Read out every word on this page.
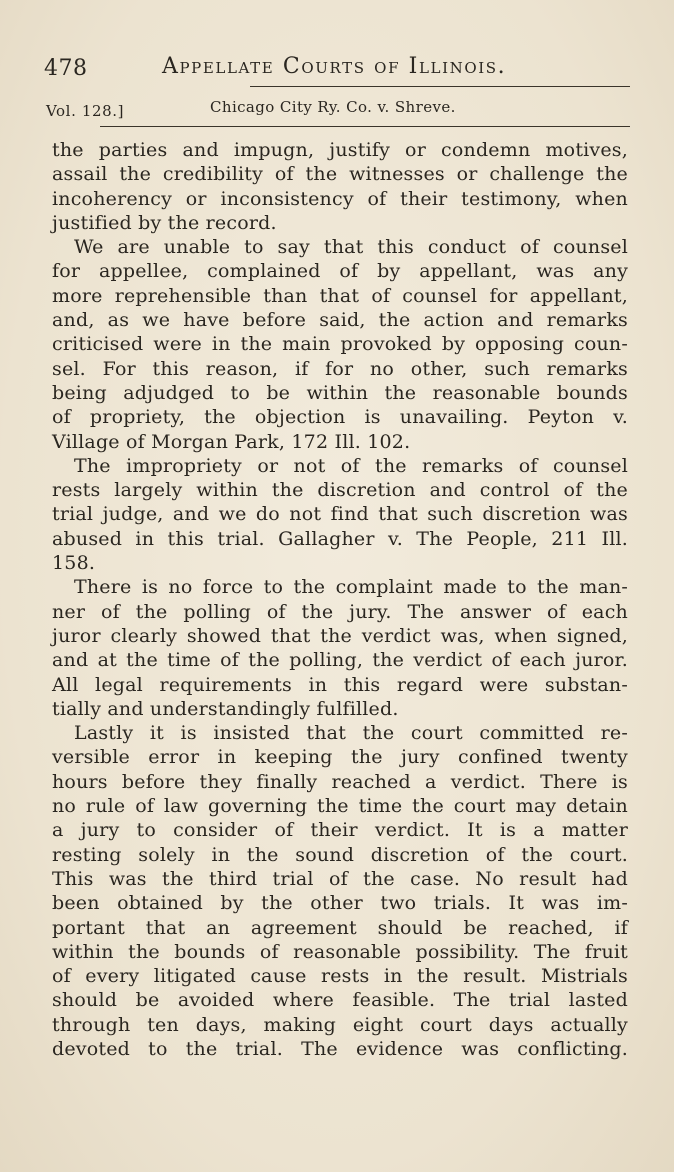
478	Appellate Courts of Illinois.
Vol. 128.]	Chicago City Ry. Co. v. Shreve.
the parties and impugn, justify or condemn motives,
assail the credibility of the witnesses or challenge the
incoherency or inconsistency of their testimony, when
justified by the record.
We are unable to say that this conduct of counsel
for appellee, complained of by appellant, was any
more reprehensible than that of counsel for appellant,
and, as we have before said, the action and remarks
criticised were in the main provoked by opposing coun-
sel. For this reason, if for no other, such remarks
being adjudged to be within the reasonable bounds
of propriety, the objection is unavailing. Peyton v.
Village of Morgan Park, 172 Ill. 102.
The impropriety or not of the remarks of counsel
rests largely within the discretion and control of the
trial judge, and we do not find that such discretion was
abused in this trial. Gallagher v. The People, 211 Ill.
158.
There is no force to the complaint made to the man-
ner of the polling of the jury. The answer of each
juror clearly showed that the verdict was, when signed,
and at the time of the polling, the verdict of each juror.
All legal requirements in this regard were substan-
tially and understandingly fulfilled.
Lastly it is insisted that the court committed re-
versible error in keeping the jury confined twenty
hours before they finally reached a verdict. There is
no rule of law governing the time the court may detain
a jury to consider of their verdict. It is a matter
resting solely in the sound discretion of the court.
This was the third trial of the case. No result had
been obtained by the other two trials. It was im-
portant that an agreement should be reached, if
within the bounds of reasonable possibility. The fruit
of every litigated cause rests in the result. Mistrials
should be avoided where feasible. The trial lasted
through ten days, making eight court days actually
devoted to the trial. The evidence was conflicting.
